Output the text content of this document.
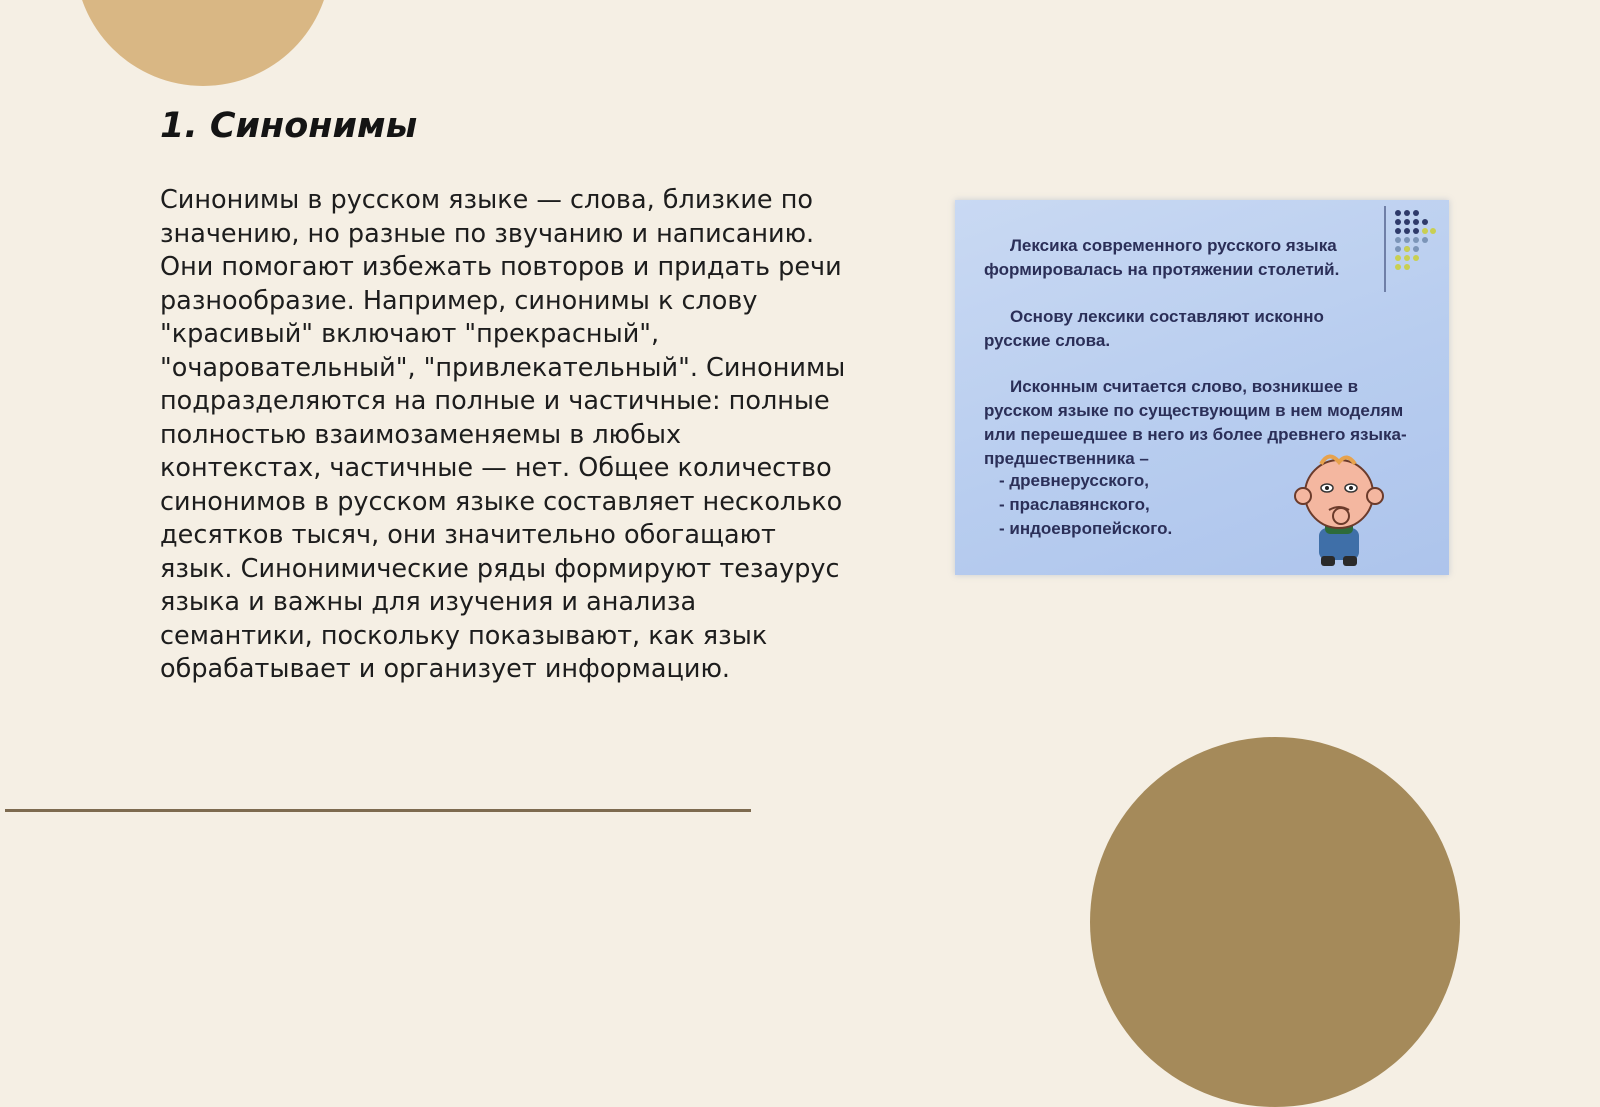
1. Синонимы

Синонимы в русском языке — слова, близкие по значению, но разные по звучанию и написанию. Они помогают избежать повторов и придать речи разнообразие. Например, синонимы к слову "красивый" включают "прекрасный", "очаровательный", "привлекательный". Синонимы подразделяются на полные и частичные: полные полностью взаимозаменяемы в любых контекстах, частичные — нет. Общее количество синонимов в русском языке составляет несколько десятков тысяч, они значительно обогащают язык. Синонимические ряды формируют тезаурус языка и важны для изучения и анализа семантики, поскольку показывают, как язык обрабатывает и организует информацию.

Лексика современного русского языка формировалась на протяжении столетий.

Основу лексики составляют исконно русские слова.

Исконным считается слово, возникшее в русском языке по существующим в нем моделям или перешедшее в него из более древнего языка-предшественника –

- древнерусского,
- праславянского,
- индоевропейского.
